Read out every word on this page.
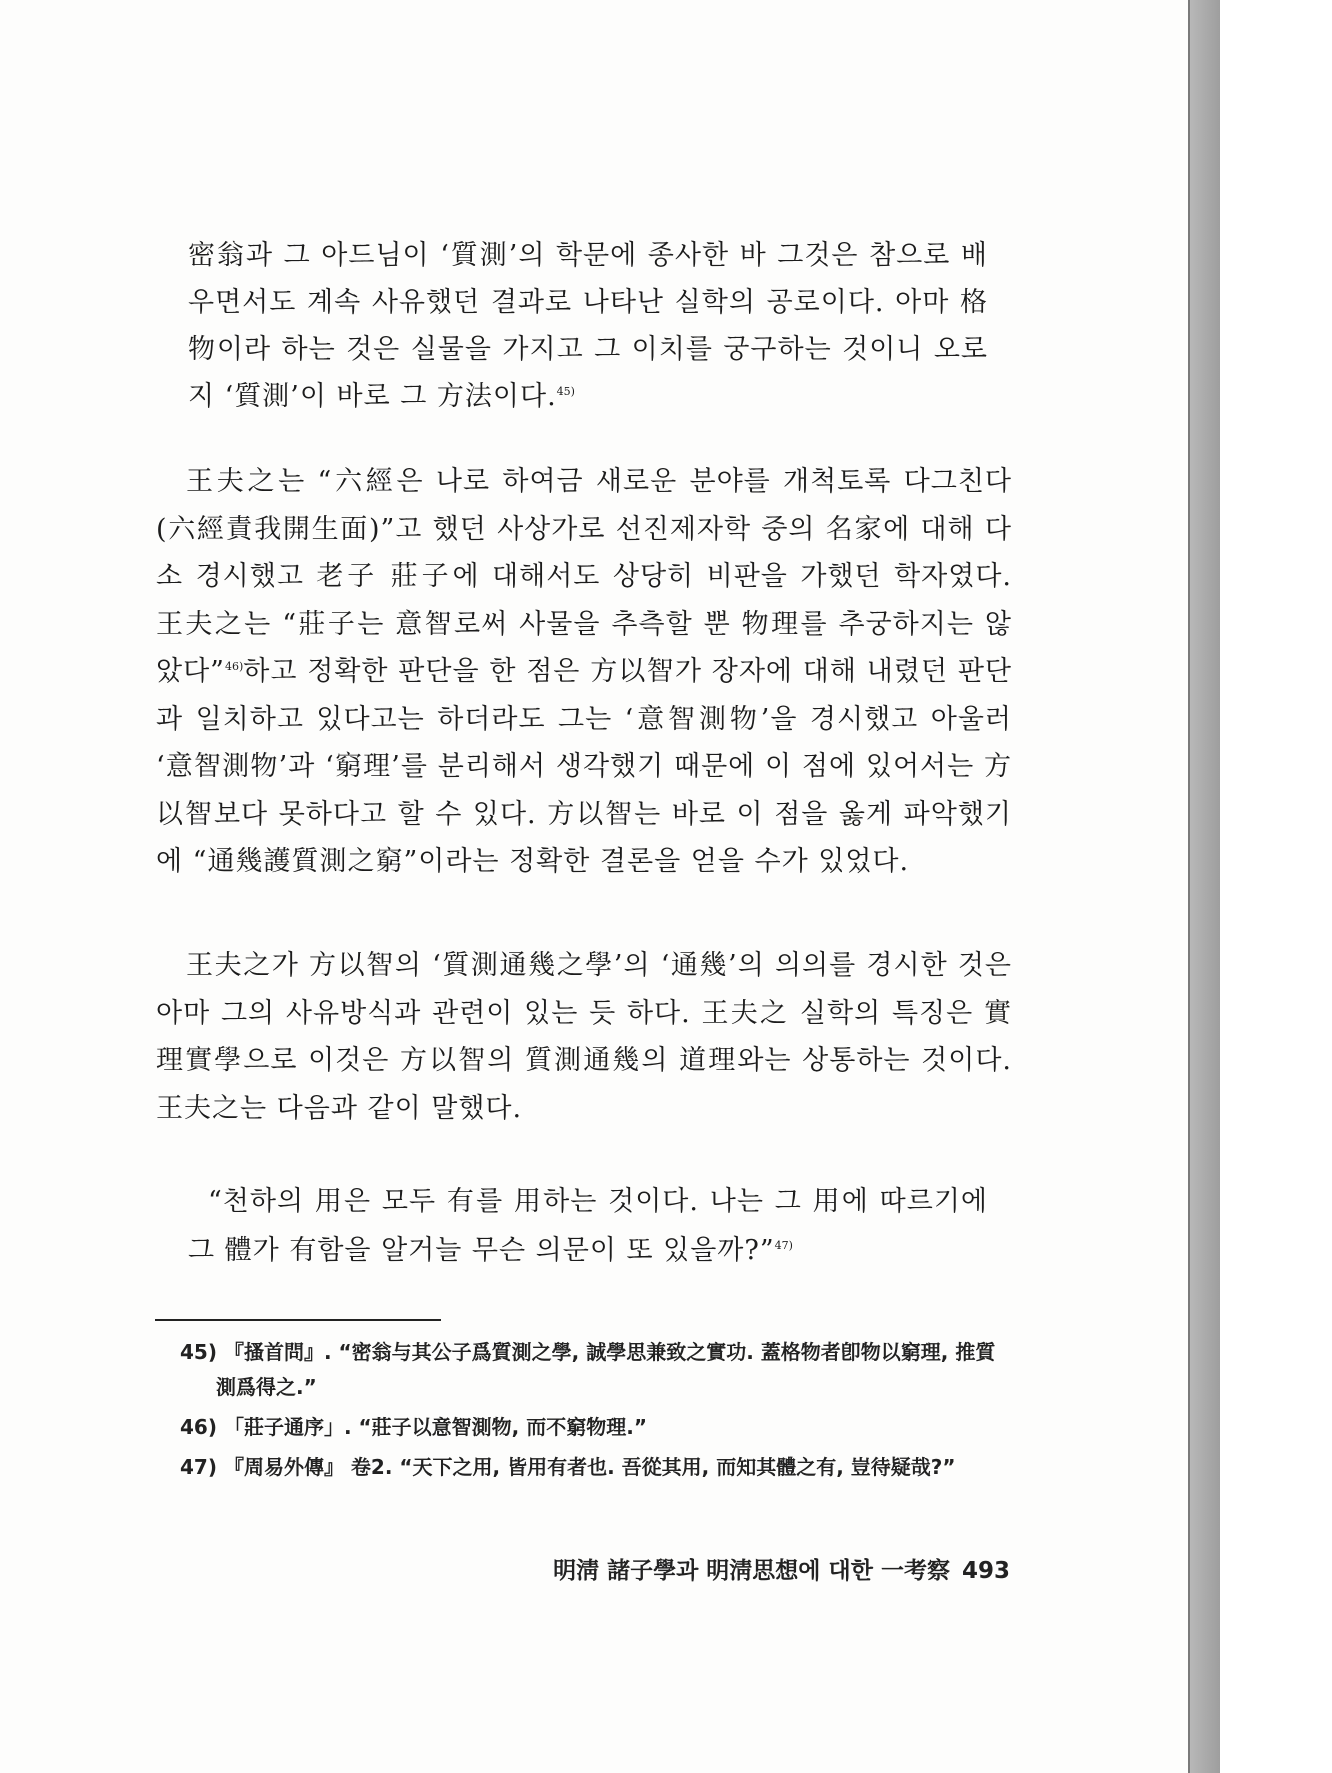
密翁과 그 아드님이 ‘質測’의 학문에 종사한 바 그것은 참으로 배우면서도 계속 사유했던 결과로 나타난 실학의 공로이다. 아마 格物이라 하는 것은 실물을 가지고 그 이치를 궁구하는 것이니 오로지 ‘質測’이 바로 그 方法이다.$^{45)}$

王夫之는 “六經은 나로 하여금 새로운 분야를 개척토록 다그친다(六經責我開生面)”고 했던 사상가로 선진제자학 중의 名家에 대해 다소 경시했고 老子 莊子에 대해서도 상당히 비판을 가했던 학자였다. 王夫之는 “莊子는 意智로써 사물을 추측할 뿐 物理를 추궁하지는 않았다”$^{46)}$하고 정확한 판단을 한 점은 方以智가 장자에 대해 내렸던 판단과 일치하고 있다고는 하더라도 그는 ‘意智測物’을 경시했고 아울러 ‘意智測物’과 ‘窮理’를 분리해서 생각했기 때문에 이 점에 있어서는 方以智보다 못하다고 할 수 있다. 方以智는 바로 이 점을 옳게 파악했기에 “通幾護質測之窮”이라는 정확한 결론을 얻을 수가 있었다.

王夫之가 方以智의 ‘質測通幾之學’의 ‘通幾’의 의의를 경시한 것은 아마 그의 사유방식과 관련이 있는 듯 하다. 王夫之 실학의 특징은 實理實學으로 이것은 方以智의 質測通幾의 道理와는 상통하는 것이다. 王夫之는 다음과 같이 말했다.

“천하의 用은 모두 有를 用하는 것이다. 나는 그 用에 따르기에 그 體가 有함을 알거늘 무슨 의문이 또 있을까?”$^{47)}$

45) 『搔首問』. “密翁与其公子爲質測之學, 誠學思兼致之實功. 蓋格物者卽物以窮理, 推質測爲得之.”
46) 「莊子通序」. “莊子以意智測物, 而不窮物理.”
47) 『周易外傳』 卷2. “天下之用, 皆用有者也. 吾從其用, 而知其體之有, 豈待疑哉?”
明淸 諸子學과 明淸思想에 대한 一考察 493
